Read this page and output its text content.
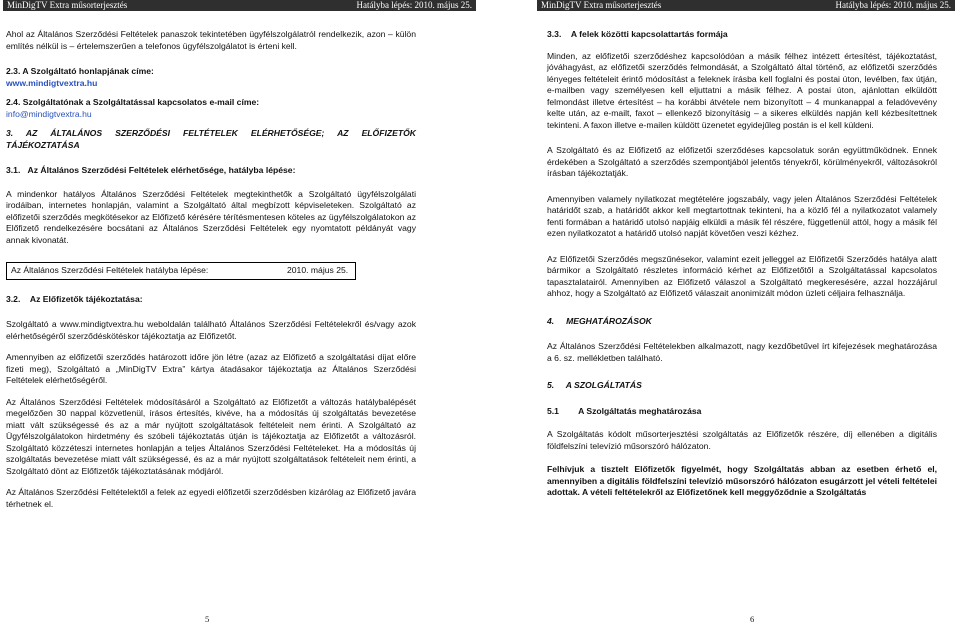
MinDigTV Extra műsorterjesztés	Hatályba lépés: 2010. május 25.

Ahol az Általános Szerződési Feltételek panaszok tekintetében ügyfélszolgálatról rendelkezik, azon – külön említés nélkül is – értelemszerűen a telefonos ügyfélszolgálatot is érteni kell.

2.3. A Szolgáltató honlapjának címe:

www.mindigtvextra.hu

2.4. Szolgáltatónak a Szolgáltatással kapcsolatos e-mail címe:

info@mindigtvextra.hu

3. AZ ÁLTALÁNOS SZERZŐDÉSI FELTÉTELEK ELÉRHETŐSÉGE; AZ ELŐFIZETŐK TÁJÉKOZTATÁSA

3.1. Az Általános Szerződési Feltételek elérhetősége, hatályba lépése:

A mindenkor hatályos Általános Szerződési Feltételek megtekinthetők a Szolgáltató ügyfélszolgálati irodáiban, internetes honlapján, valamint a Szolgáltató által megbízott képviseleteken. Szolgáltató az előfizetői szerződés megkötésekor az Előfizető kérésére térítésmentesen köteles az ügyfélszolgálatokon az Előfizető rendelkezésére bocsátani az Általános Szerződési Feltételek egy nyomtatott példányát vagy annak kivonatát.

Az Általános Szerződési Feltételek hatályba lépése:	2010. május 25.

3.2. Az Előfizetők tájékoztatása:

Szolgáltató a www.mindigtvextra.hu weboldalán található Általános Szerződési Feltételekről és/vagy azok elérhetőségéről szerződéskötéskor tájékoztatja az Előfizetőt.

Amennyiben az előfizetői szerződés határozott időre jön létre (azaz az Előfizető a szolgáltatási díjat előre fizeti meg), Szolgáltató a „MinDigTV Extra” kártya átadásakor tájékoztatja az Általános Szerződési Feltételek elérhetőségéről.

Az Általános Szerződési Feltételek módosításáról a Szolgáltató az Előfizetőt a változás hatálybalépését megelőzően 30 nappal közvetlenül, írásos értesítés, kivéve, ha a módosítás új szolgáltatás bevezetése miatt vált szükségessé és az a már nyújtott szolgáltatások feltételeit nem érinti. A Szolgáltató az Ügyfélszolgálatokon hirdetmény és szóbeli tájékoztatás útján is tájékoztatja az Előfizetőt a változásról. Szolgáltató közzéteszi internetes honlapján a teljes Általános Szerződési Feltételeket. Ha a módosítás új szolgáltatás bevezetése miatt vált szükségessé, és az a már nyújtott szolgáltatások feltételeit nem érinti, a Szolgáltató dönt az Előfizetők tájékoztatásának módjáról.

Az Általános Szerződési Feltételektől a felek az egyedi előfizetői szerződésben kizárólag az Előfizető javára térhetnek el.

5
MinDigTV Extra műsorterjesztés	Hatályba lépés: 2010. május 25.

3.3. A felek közötti kapcsolattartás formája

Minden, az előfizetői szerződéshez kapcsolódóan a másik félhez intézett értesítést, tájékoztatást, jóváhagyást, az előfizetői szerződés felmondását, a Szolgáltató által történő, az előfizetői szerződés lényeges feltételeit érintő módosítást a feleknek írásba kell foglalni és postai úton, levélben, fax útján, e-mailben vagy személyesen kell eljuttatni a másik félhez. A postai úton, ajánlottan elküldött felmondást illetve értesítést – ha korábbi átvétele nem bizonyított – 4 munkanappal a feladóvevény kelte után, az e-mailt, faxot – ellenkező bizonyításig – a sikeres elküldés napján kell kézbesítettnek tekinteni. A faxon illetve e-mailen küldött üzenetet egyidejűleg postán is el kell küldeni.

A Szolgáltató és az Előfizető az előfizetői szerződéses kapcsolatuk során együttműködnek. Ennek érdekében a Szolgáltató a szerződés szempontjából jelentős tényekről, körülményekről, változásokról írásban tájékoztatják.

Amennyiben valamely nyilatkozat megtételére jogszabály, vagy jelen Általános Szerződési Feltételek határidőt szab, a határidőt akkor kell megtartottnak tekinteni, ha a közlő fél a nyilatkozatot valamely fenti formában a határidő utolsó napjáig elküldi a másik fél részére, függetlenül attól, hogy a másik fél ezen nyilatkozatot a határidő utolsó napját követően veszi kézhez.

Az Előfizetői Szerződés megszűnésekor, valamint ezeit jelleggel az Előfizetői Szerződés hatálya alatt bármikor a Szolgáltató részletes információ kérhet az Előfizetőtől a Szolgáltatással kapcsolatos tapasztalatairól. Amennyiben az Előfizető válaszol a Szolgáltató megkeresésére, azzal hozzájárul ahhoz, hogy a Szolgáltató az Előfizető válaszait anonimizált módon üzleti céljaira felhasználja.

4.     MEGHATÁROZÁSOK

Az Általános Szerződési Feltételekben alkalmazott, nagy kezdőbetűvel írt kifejezések meghatározása a 6. sz. mellékletben található.

5.     A SZOLGÁLTATÁS

5.1 A Szolgáltatás meghatározása

A Szolgáltatás kódolt műsorterjesztési szolgáltatás az Előfizetők részére, díj ellenében a digitális földfelszíni televízió műsorszóró hálózaton.

Felhívjuk a tisztelt Előfizetők figyelmét, hogy Szolgáltatás abban az esetben érhető el, amennyiben a digitális földfelszíni televízió műsorszóró hálózaton esugárzott jel vételi feltételei adottak. A vételi feltételekről az Előfizetőnek kell meggyőződnie a Szolgáltatás

6
